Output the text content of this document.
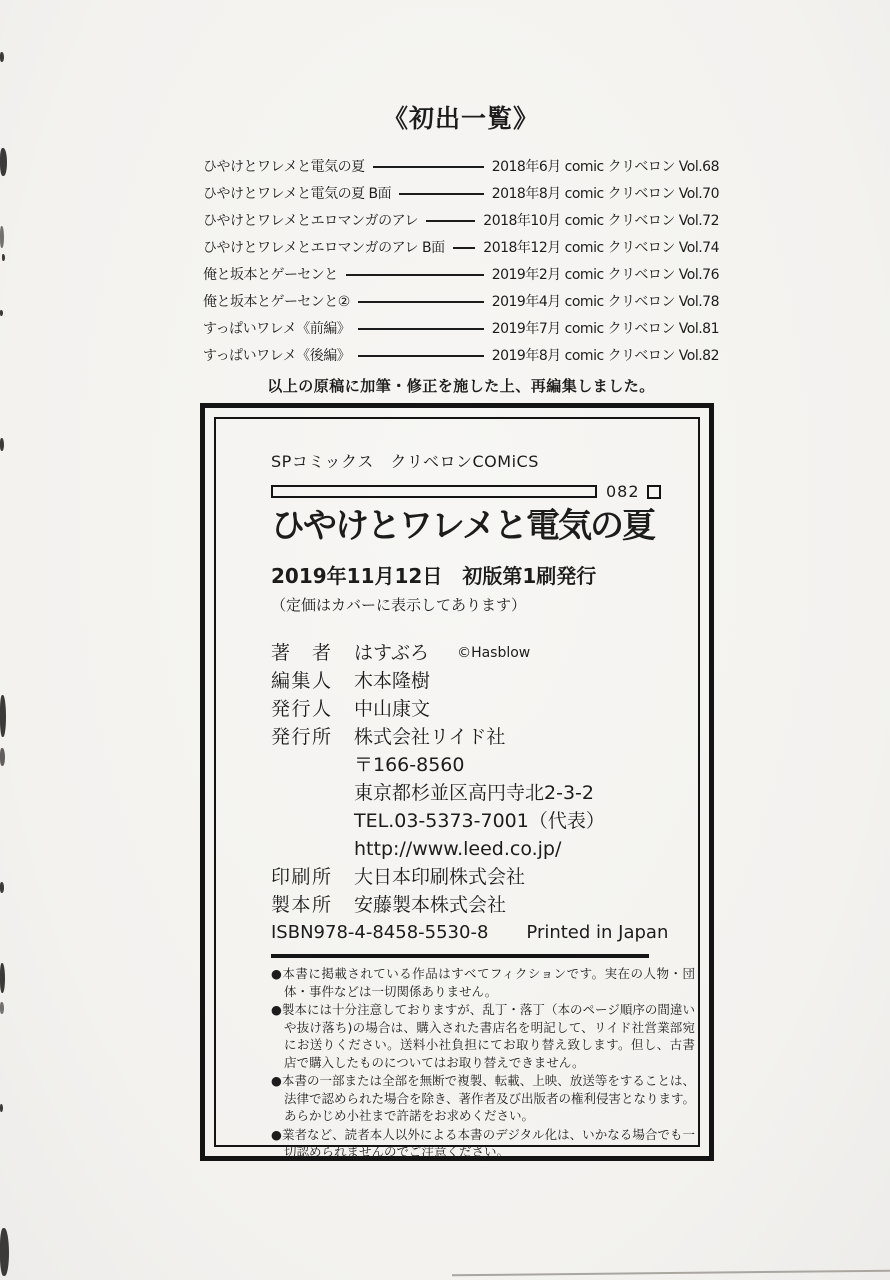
《初出一覧》
ひやけとワレメと電気の夏	2018年6月 comic クリベロン Vol.68
ひやけとワレメと電気の夏 B面	2018年8月 comic クリベロン Vol.70
ひやけとワレメとエロマンガのアレ	2018年10月 comic クリベロン Vol.72
ひやけとワレメとエロマンガのアレ B面	2018年12月 comic クリベロン Vol.74
俺と坂本とゲーセンと	2019年2月 comic クリベロン Vol.76
俺と坂本とゲーセンと②	2019年4月 comic クリベロン Vol.78
すっぱいワレメ《前編》	2019年7月 comic クリベロン Vol.81
すっぱいワレメ《後編》	2019年8月 comic クリベロン Vol.82
以上の原稿に加筆・修正を施した上、再編集しました。
SPコミックス　クリベロンCOMiCS
082
ひやけとワレメと電気の夏
2019年11月12日　初版第1刷発行
（定価はカバーに表示してあります）
著　者 はすぶろ ©Hasblow
編集人 木本隆樹
発行人 中山康文
発行所 株式会社リイド社
〒166-8560
東京都杉並区高円寺北2-3-2
TEL.03-5373-7001（代表）
http://www.leed.co.jp/
印刷所 大日本印刷株式会社
製本所 安藤製本株式会社
ISBN978-4-8458-5530-8 Printed in Japan
●本書に掲載されている作品はすべてフィクションです。実在の人物・団体・事件などは一切関係ありません。
●製本には十分注意しておりますが、乱丁・落丁（本のページ順序の間違いや抜け落ち)の場合は、購入された書店名を明記して、リイド社営業部宛にお送りください。送料小社負担にてお取り替え致します。但し、古書店で購入したものについてはお取り替えできません。
●本書の一部または全部を無断で複製、転載、上映、放送等をすることは、法律で認められた場合を除き、著作者及び出版者の権利侵害となります。あらかじめ小社まで許諾をお求めください。
●業者など、読者本人以外による本書のデジタル化は、いかなる場合でも一切認められませんのでご注意ください。
